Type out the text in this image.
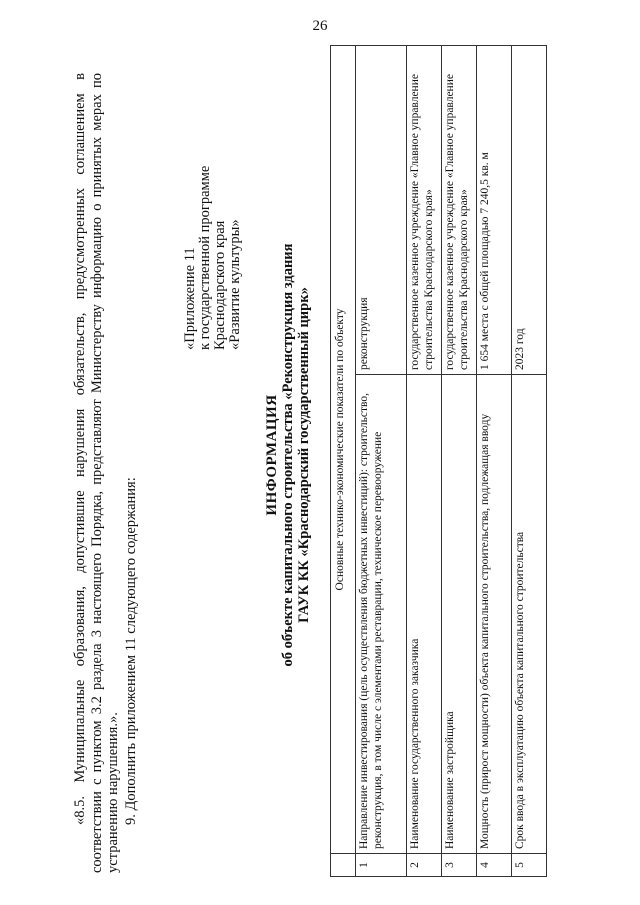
26
«8.5. Муниципальные образования, допустившие нарушения обязательств, предусмотренных соглашением в соответствии с пунктом 3.2 раздела 3 настоящего Порядка, представляют Министерству информацию о принятых мерах по устранению нарушения.». 9. Дополнить приложением 11 следующего содержания:
«Приложение 11 к государственной программе Краснодарского края «Развитие культуры»
ИНФОРМАЦИЯ об объекте капитального строительства «Реконструкция здания ГАУК КК «Краснодарский государственный цирк»
	Основные технико-экономические показатели по объекту	
1	Направление инвестирования (цель осуществления бюджетных инвестиций): строительство, реконструкция, в том числе с элементами реставрации, техническое перевооружение	реконструкция
2	Наименование государственного заказчика	государственное казенное учреждение «Главное управление строительства Краснодарского края»
3	Наименование застройщика	государственное казенное учреждение «Главное управление строительства Краснодарского края»
4	Мощность (прирост мощности) объекта капитального строительства, подлежащая вводу	1 654 места с общей площадью 7 240,5 кв. м
5	Срок ввода в эксплуатацию объекта капитального строительства	2023 год
